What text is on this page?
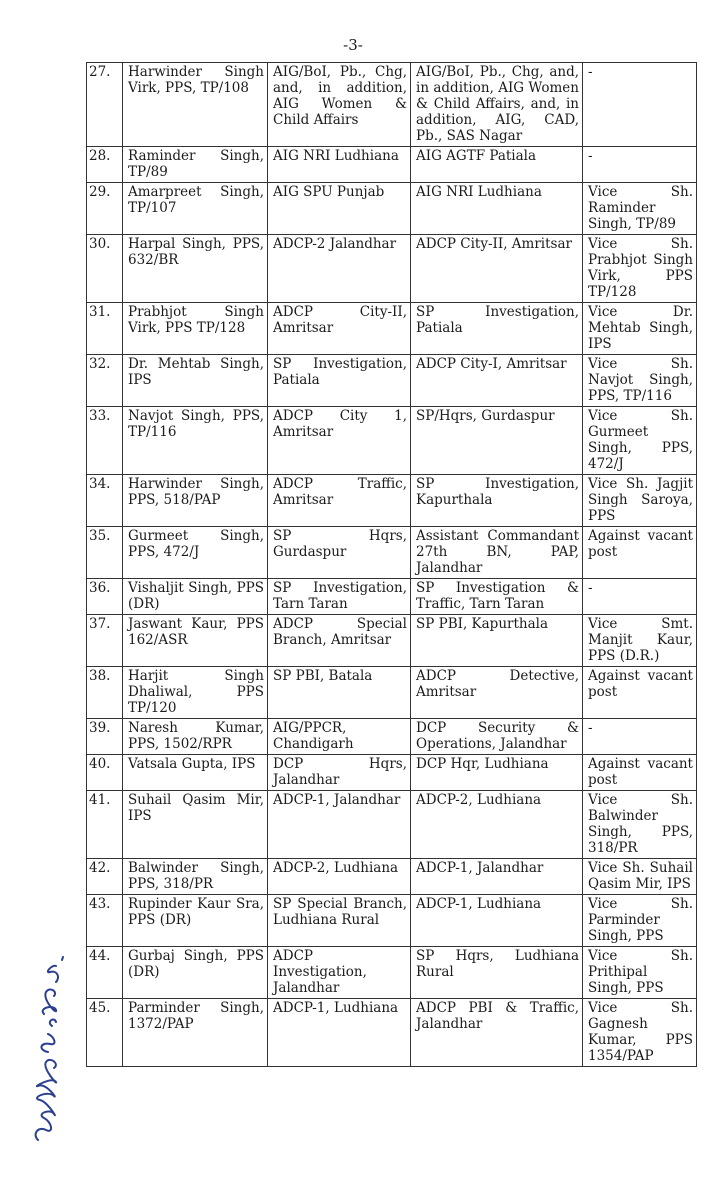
-3-
27.	Harwinder Singh Virk, PPS, TP/108	AIG/BoI, Pb., Chg, and, in addition, AIG Women & Child Affairs	AIG/BoI, Pb., Chg, and, in addition, AIG Women & Child Affairs, and, in addition, AIG, CAD, Pb., SAS Nagar	-
28.	Raminder Singh, TP/89	AIG NRI Ludhiana	AIG AGTF Patiala	-
29.	Amarpreet Singh, TP/107	AIG SPU Punjab	AIG NRI Ludhiana	Vice Sh. Raminder Singh, TP/89
30.	Harpal Singh, PPS, 632/BR	ADCP-2 Jalandhar	ADCP City-II, Amritsar	Vice Sh. Prabhjot Singh Virk, PPS TP/128
31.	Prabhjot Singh Virk, PPS TP/128	ADCP City-II, Amritsar	SP Investigation, Patiala	Vice Dr. Mehtab Singh, IPS
32.	Dr. Mehtab Singh, IPS	SP Investigation, Patiala	ADCP City-I, Amritsar	Vice Sh. Navjot Singh, PPS, TP/116
33.	Navjot Singh, PPS, TP/116	ADCP City 1, Amritsar	SP/Hqrs, Gurdaspur	Vice Sh. Gurmeet Singh, PPS, 472/J
34.	Harwinder Singh, PPS, 518/PAP	ADCP Traffic, Amritsar	SP Investigation, Kapurthala	Vice Sh. Jagjit Singh Saroya, PPS
35.	Gurmeet Singh, PPS, 472/J	SP Hqrs, Gurdaspur	Assistant Commandant 27th BN, PAP, Jalandhar	Against vacant post
36.	Vishaljit Singh, PPS (DR)	SP Investigation, Tarn Taran	SP Investigation & Traffic, Tarn Taran	-
37.	Jaswant Kaur, PPS 162/ASR	ADCP Special Branch, Amritsar	SP PBI, Kapurthala	Vice Smt. Manjit Kaur, PPS (D.R.)
38.	Harjit Singh Dhaliwal, PPS TP/120	SP PBI, Batala	ADCP Detective, Amritsar	Against vacant post
39.	Naresh Kumar, PPS, 1502/RPR	AIG/PPCR, Chandigarh	DCP Security & Operations, Jalandhar	-
40.	Vatsala Gupta, IPS	DCP Hqrs, Jalandhar	DCP Hqr, Ludhiana	Against vacant post
41.	Suhail Qasim Mir, IPS	ADCP-1, Jalandhar	ADCP-2, Ludhiana	Vice Sh. Balwinder Singh, PPS, 318/PR
42.	Balwinder Singh, PPS, 318/PR	ADCP-2, Ludhiana	ADCP-1, Jalandhar	Vice Sh. Suhail Qasim Mir, IPS
43.	Rupinder Kaur Sra, PPS (DR)	SP Special Branch, Ludhiana Rural	ADCP-1, Ludhiana	Vice Sh. Parminder Singh, PPS
44.	Gurbaj Singh, PPS (DR)	ADCP Investigation, Jalandhar	SP Hqrs, Ludhiana Rural	Vice Sh. Prithipal Singh, PPS
45.	Parminder Singh, 1372/PAP	ADCP-1, Ludhiana	ADCP PBI & Traffic, Jalandhar	Vice Sh. Gagnesh Kumar, PPS 1354/PAP
